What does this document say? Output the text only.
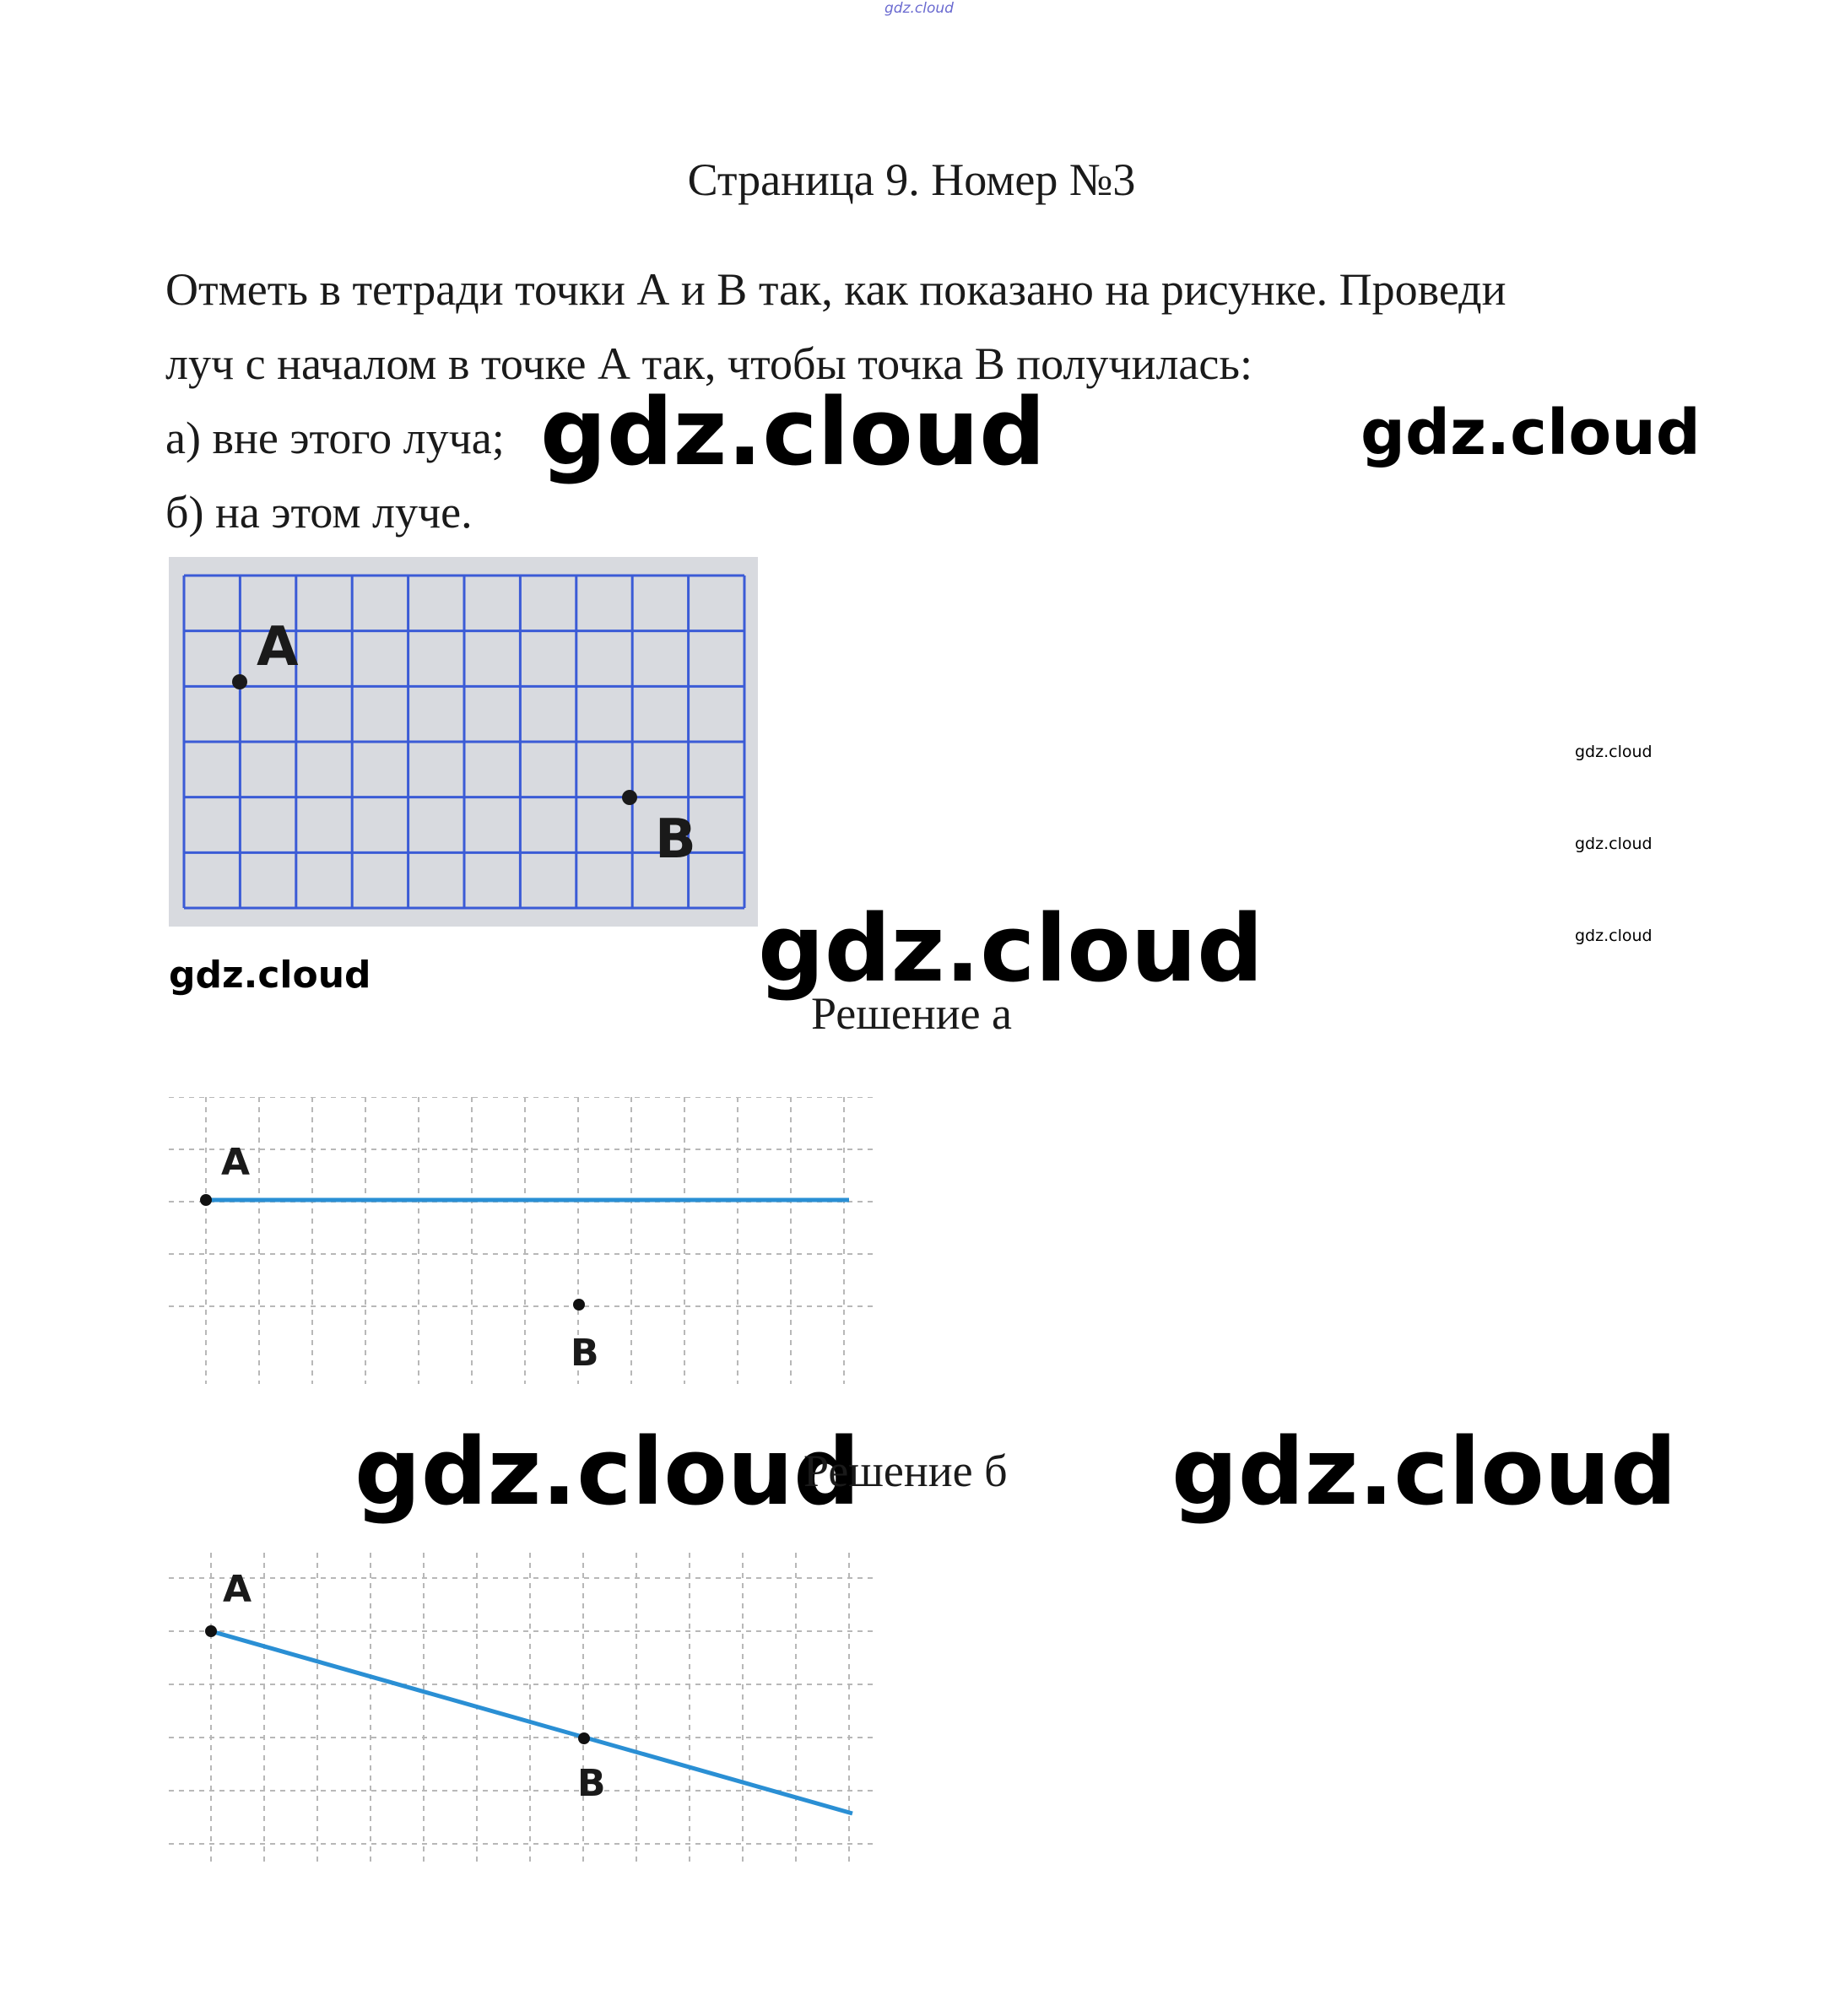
gdz.cloud
Страница 9. Номер №3
Отметь в тетради точки А и В так, как показано на рисунке. Проведи
луч с началом в точке А так, чтобы точка В получилась:
а) вне этого луча;
б) на этом луче.
gdz.cloud	gdz.cloud
gdz.cloud
gdz.cloud
gdz.cloud
gdz.cloud	gdz.cloud
gdz.cloud	gdz.cloud
A
B
Решение а
A
B
Решение б
A
B
